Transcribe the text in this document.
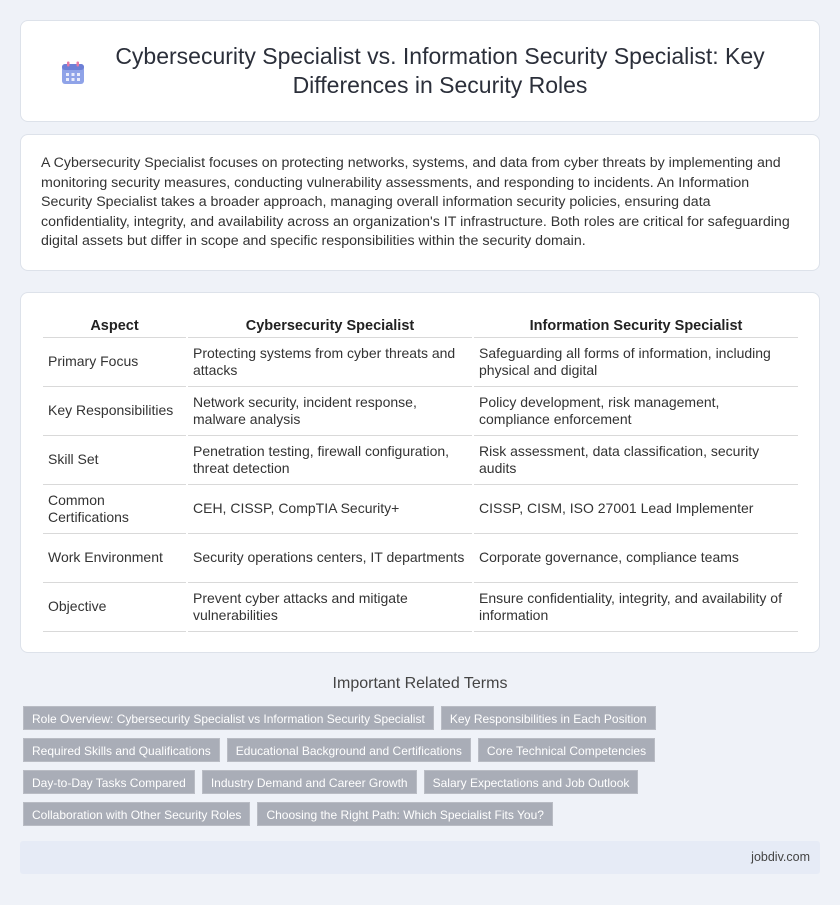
Cybersecurity Specialist vs. Information Security Specialist: Key Differences in Security Roles

A Cybersecurity Specialist focuses on protecting networks, systems, and data from cyber threats by implementing and monitoring security measures, conducting vulnerability assessments, and responding to incidents. An Information Security Specialist takes a broader approach, managing overall information security policies, ensuring data confidentiality, integrity, and availability across an organization's IT infrastructure. Both roles are critical for safeguarding digital assets but differ in scope and specific responsibilities within the security domain.

Aspect	Cybersecurity Specialist	Information Security Specialist
Primary Focus	Protecting systems from cyber threats and attacks	Safeguarding all forms of information, including physical and digital
Key Responsibilities	Network security, incident response, malware analysis	Policy development, risk management, compliance enforcement
Skill Set	Penetration testing, firewall configuration, threat detection	Risk assessment, data classification, security audits
Common Certifications	CEH, CISSP, CompTIA Security+	CISSP, CISM, ISO 27001 Lead Implementer
Work Environment	Security operations centers, IT departments	Corporate governance, compliance teams
Objective	Prevent cyber attacks and mitigate vulnerabilities	Ensure confidentiality, integrity, and availability of information
Important Related Terms
Role Overview: Cybersecurity Specialist vs Information Security Specialist	Key Responsibilities in Each Position
Required Skills and Qualifications	Educational Background and Certifications	Core Technical Competencies
Day-to-Day Tasks Compared	Industry Demand and Career Growth	Salary Expectations and Job Outlook
Collaboration with Other Security Roles	Choosing the Right Path: Which Specialist Fits You?
jobdiv.com
